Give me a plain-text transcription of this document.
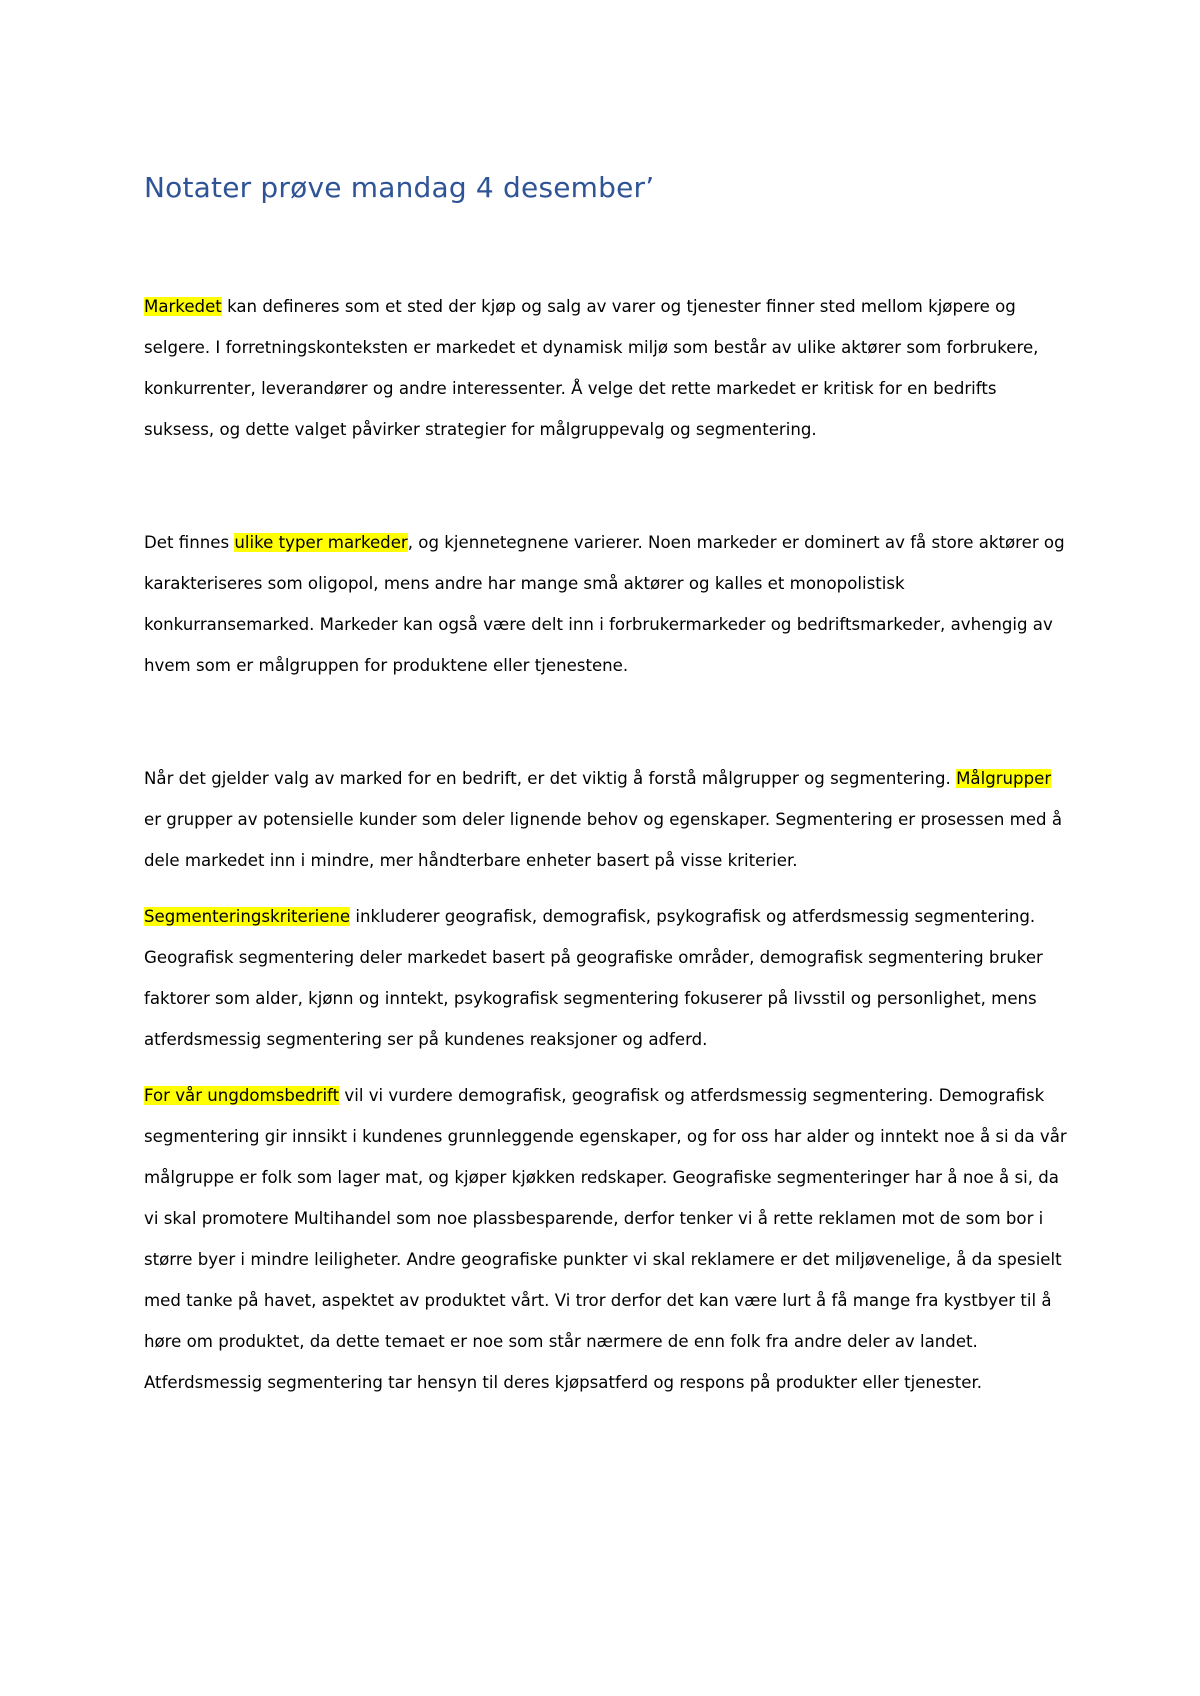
Notater prøve mandag 4 desember’

Markedet kan defineres som et sted der kjøp og salg av varer og tjenester finner sted mellom kjøpere og selgere. I forretningskonteksten er markedet et dynamisk miljø som består av ulike aktører som forbrukere, konkurrenter, leverandører og andre interessenter. Å velge det rette markedet er kritisk for en bedrifts suksess, og dette valget påvirker strategier for målgruppevalg og segmentering.

Det finnes ulike typer markeder, og kjennetegnene varierer. Noen markeder er dominert av få store aktører og karakteriseres som oligopol, mens andre har mange små aktører og kalles et monopolistisk konkurransemarked. Markeder kan også være delt inn i forbrukermarkeder og bedriftsmarkeder, avhengig av hvem som er målgruppen for produktene eller tjenestene.

Når det gjelder valg av marked for en bedrift, er det viktig å forstå målgrupper og segmentering. Målgrupper er grupper av potensielle kunder som deler lignende behov og egenskaper. Segmentering er prosessen med å dele markedet inn i mindre, mer håndterbare enheter basert på visse kriterier.

Segmenteringskriteriene inkluderer geografisk, demografisk, psykografisk og atferdsmessig segmentering. Geografisk segmentering deler markedet basert på geografiske områder, demografisk segmentering bruker faktorer som alder, kjønn og inntekt, psykografisk segmentering fokuserer på livsstil og personlighet, mens atferdsmessig segmentering ser på kundenes reaksjoner og adferd.

For vår ungdomsbedrift vil vi vurdere demografisk, geografisk og atferdsmessig segmentering. Demografisk segmentering gir innsikt i kundenes grunnleggende egenskaper, og for oss har alder og inntekt noe å si da vår målgruppe er folk som lager mat, og kjøper kjøkken redskaper. Geografiske segmenteringer har å noe å si, da vi skal promotere Multihandel som noe plassbesparende, derfor tenker vi å rette reklamen mot de som bor i større byer i mindre leiligheter. Andre geografiske punkter vi skal reklamere er det miljøvenelige, å da spesielt med tanke på havet, aspektet av produktet vårt. Vi tror derfor det kan være lurt å få mange fra kystbyer til å høre om produktet, da dette temaet er noe som står nærmere de enn folk fra andre deler av landet. Atferdsmessig segmentering tar hensyn til deres kjøpsatferd og respons på produkter eller tjenester.
